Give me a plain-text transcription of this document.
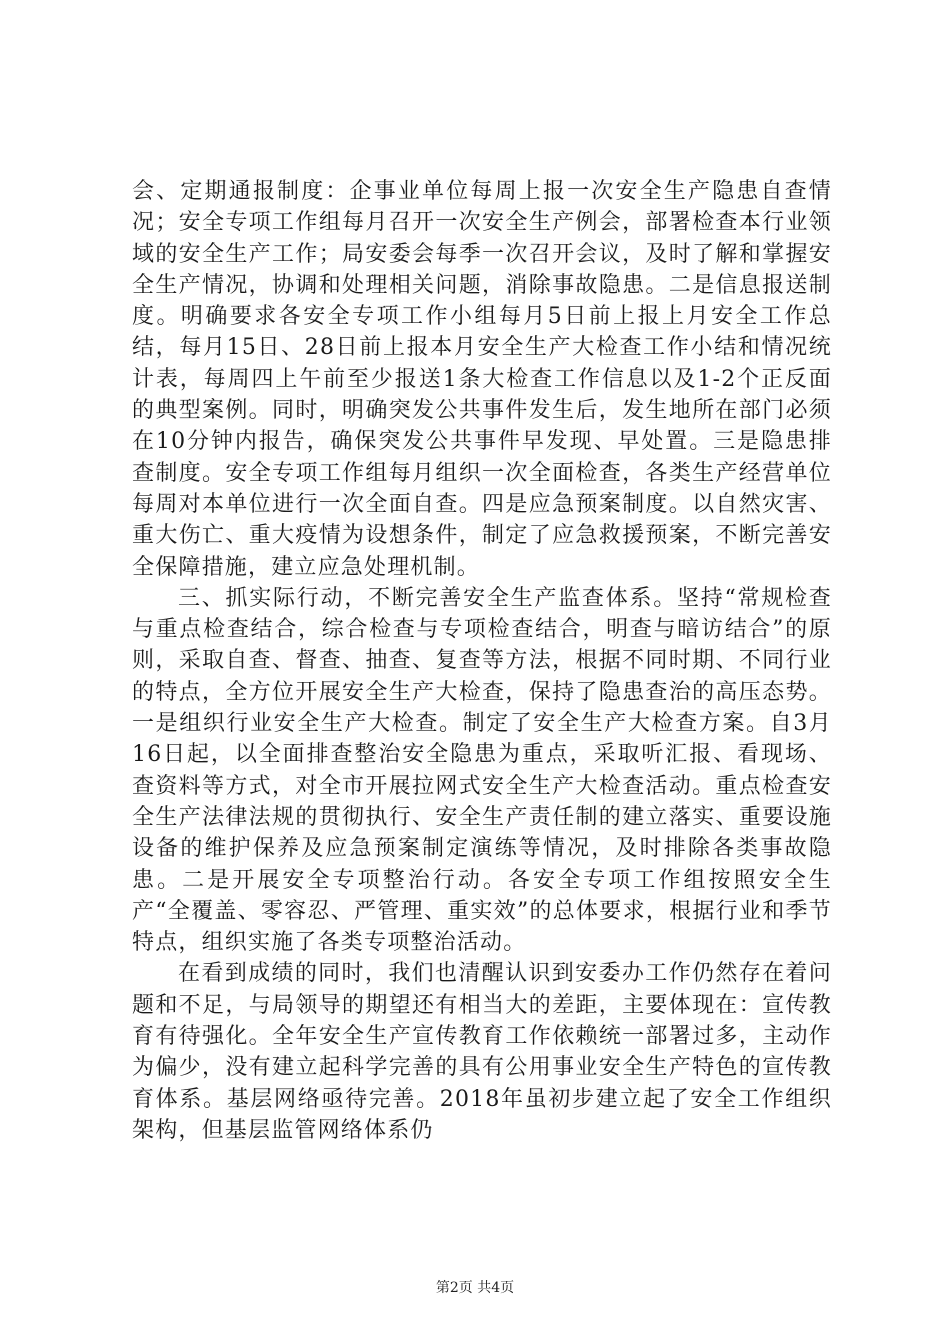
会、定期通报制度：企事业单位每周上报一次安全生产隐患自查情况；安全专项工作组每月召开一次安全生产例会，部署检查本行业领域的安全生产工作；局安委会每季一次召开会议，及时了解和掌握安全生产情况，协调和处理相关问题，消除事故隐患。二是信息报送制度。明确要求各安全专项工作小组每月5日前上报上月安全工作总结，每月15日、28日前上报本月安全生产大检查工作小结和情况统计表，每周四上午前至少报送1条大检查工作信息以及1-2个正反面的典型案例。同时，明确突发公共事件发生后，发生地所在部门必须在10分钟内报告，确保突发公共事件早发现、早处置。三是隐患排查制度。安全专项工作组每月组织一次全面检查，各类生产经营单位每周对本单位进行一次全面自查。四是应急预案制度。以自然灾害、重大伤亡、重大疫情为设想条件，制定了应急救援预案，不断完善安全保障措施，建立应急处理机制。

三、抓实际行动，不断完善安全生产监查体系。坚持“常规检查与重点检查结合，综合检查与专项检查结合，明查与暗访结合”的原则，采取自查、督查、抽查、复查等方法，根据不同时期、不同行业的特点，全方位开展安全生产大检查，保持了隐患查治的高压态势。一是组织行业安全生产大检查。制定了安全生产大检查方案。自3月16日起，以全面排查整治安全隐患为重点，采取听汇报、看现场、查资料等方式，对全市开展拉网式安全生产大检查活动。重点检查安全生产法律法规的贯彻执行、安全生产责任制的建立落实、重要设施设备的维护保养及应急预案制定演练等情况，及时排除各类事故隐患。二是开展安全专项整治行动。各安全专项工作组按照安全生产“全覆盖、零容忍、严管理、重实效”的总体要求，根据行业和季节特点，组织实施了各类专项整治活动。

在看到成绩的同时，我们也清醒认识到安委办工作仍然存在着问题和不足，与局领导的期望还有相当大的差距，主要体现在：宣传教育有待强化。全年安全生产宣传教育工作依赖统一部署过多，主动作为偏少，没有建立起科学完善的具有公用事业安全生产特色的宣传教育体系。基层网络亟待完善。2018年虽初步建立起了安全工作组织架构，但基层监管网络体系仍

第2页 共4页
